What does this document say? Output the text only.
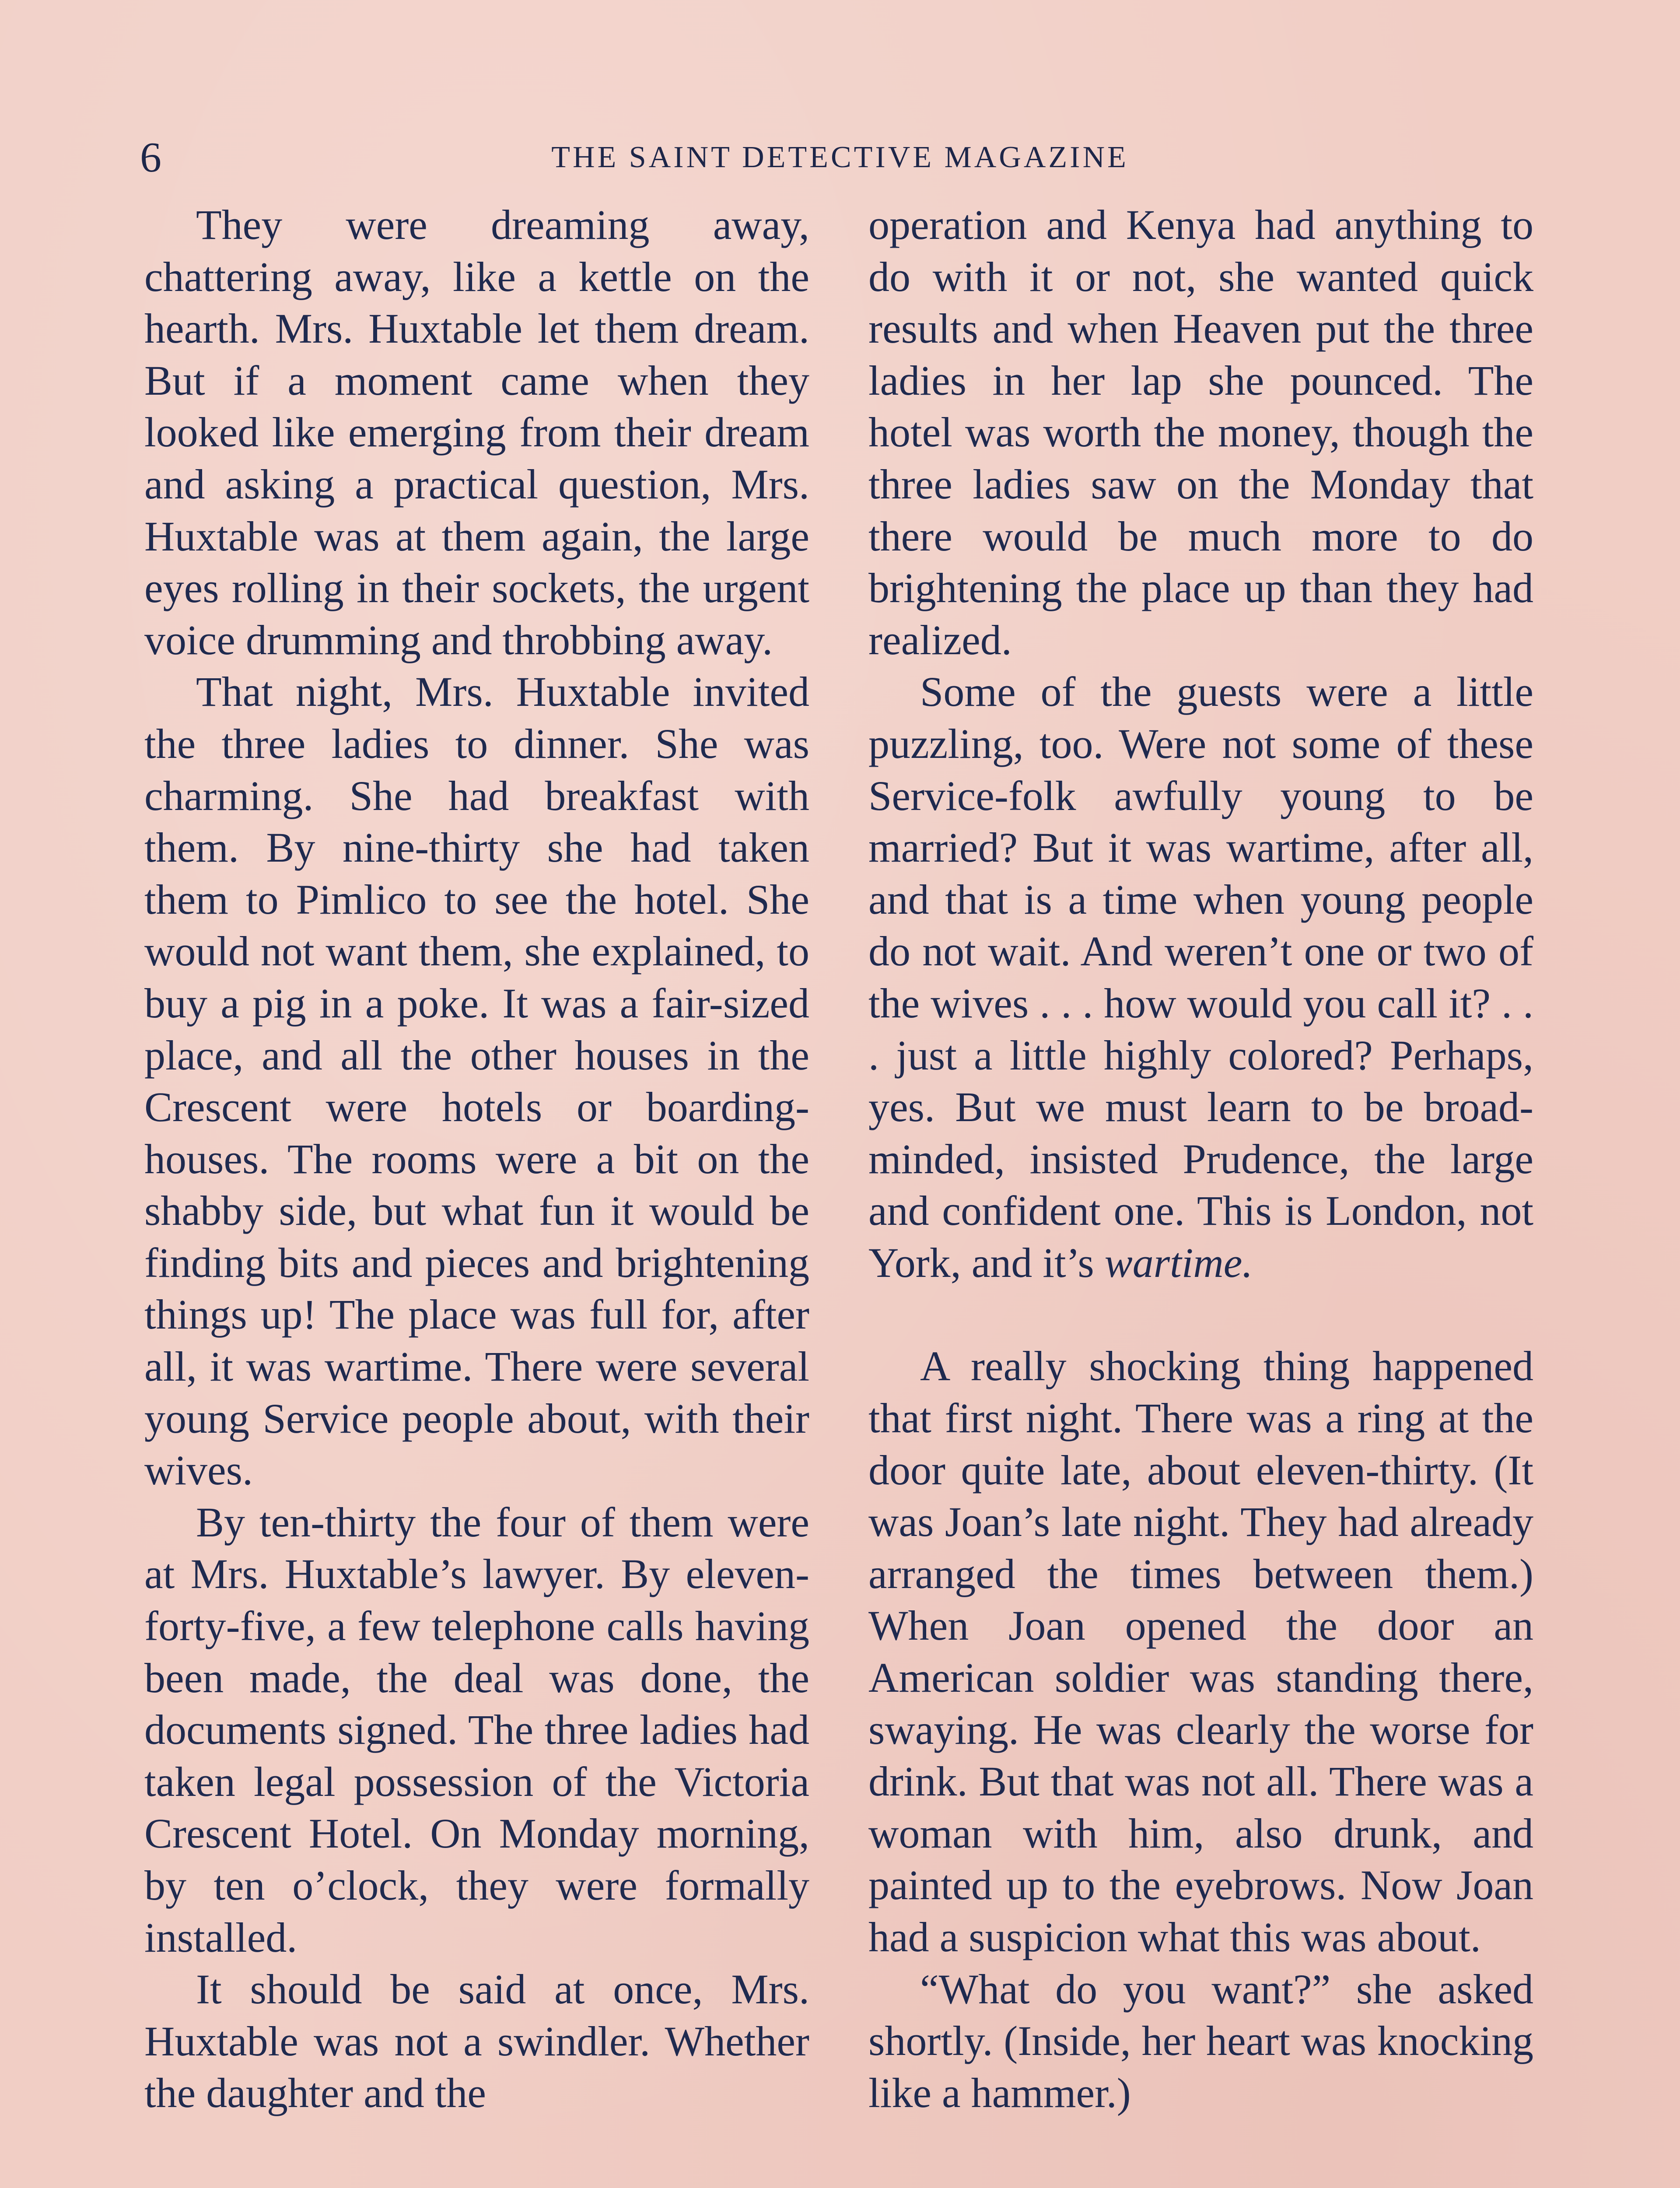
6	THE SAINT DETECTIVE MAGAZINE

They were dreaming away, chattering away, like a kettle on the hearth. Mrs. Huxtable let them dream. But if a moment came when they looked like emerging from their dream and asking a practical question, Mrs. Huxtable was at them again, the large eyes rolling in their sockets, the urgent voice drumming and throbbing away.

That night, Mrs. Huxtable invited the three ladies to dinner. She was charming. She had breakfast with them. By nine-thirty she had taken them to Pimlico to see the hotel. She would not want them, she explained, to buy a pig in a poke. It was a fair-sized place, and all the other houses in the Crescent were hotels or boarding-houses. The rooms were a bit on the shabby side, but what fun it would be finding bits and pieces and brightening things up! The place was full for, after all, it was wartime. There were several young Service people about, with their wives.

By ten-thirty the four of them were at Mrs. Huxtable’s lawyer. By eleven-forty-five, a few telephone calls having been made, the deal was done, the documents signed. The three ladies had taken legal possession of the Victoria Crescent Hotel. On Monday morning, by ten o’clock, they were formally installed.

It should be said at once, Mrs. Huxtable was not a swindler. Whether the daughter and the

operation and Kenya had anything to do with it or not, she wanted quick results and when Heaven put the three ladies in her lap she pounced. The hotel was worth the money, though the three ladies saw on the Monday that there would be much more to do brightening the place up than they had realized.

Some of the guests were a little puzzling, too. Were not some of these Service-folk awfully young to be married? But it was wartime, after all, and that is a time when young people do not wait. And weren’t one or two of the wives . . . how would you call it? . . . just a little highly colored? Perhaps, yes. But we must learn to be broad-minded, insisted Prudence, the large and confident one. This is London, not York, and it’s wartime.

A really shocking thing happened that first night. There was a ring at the door quite late, about eleven-thirty. (It was Joan’s late night. They had already arranged the times between them.) When Joan opened the door an American soldier was standing there, swaying. He was clearly the worse for drink. But that was not all. There was a woman with him, also drunk, and painted up to the eyebrows. Now Joan had a suspicion what this was about.

“What do you want?” she asked shortly. (Inside, her heart was knocking like a hammer.)
